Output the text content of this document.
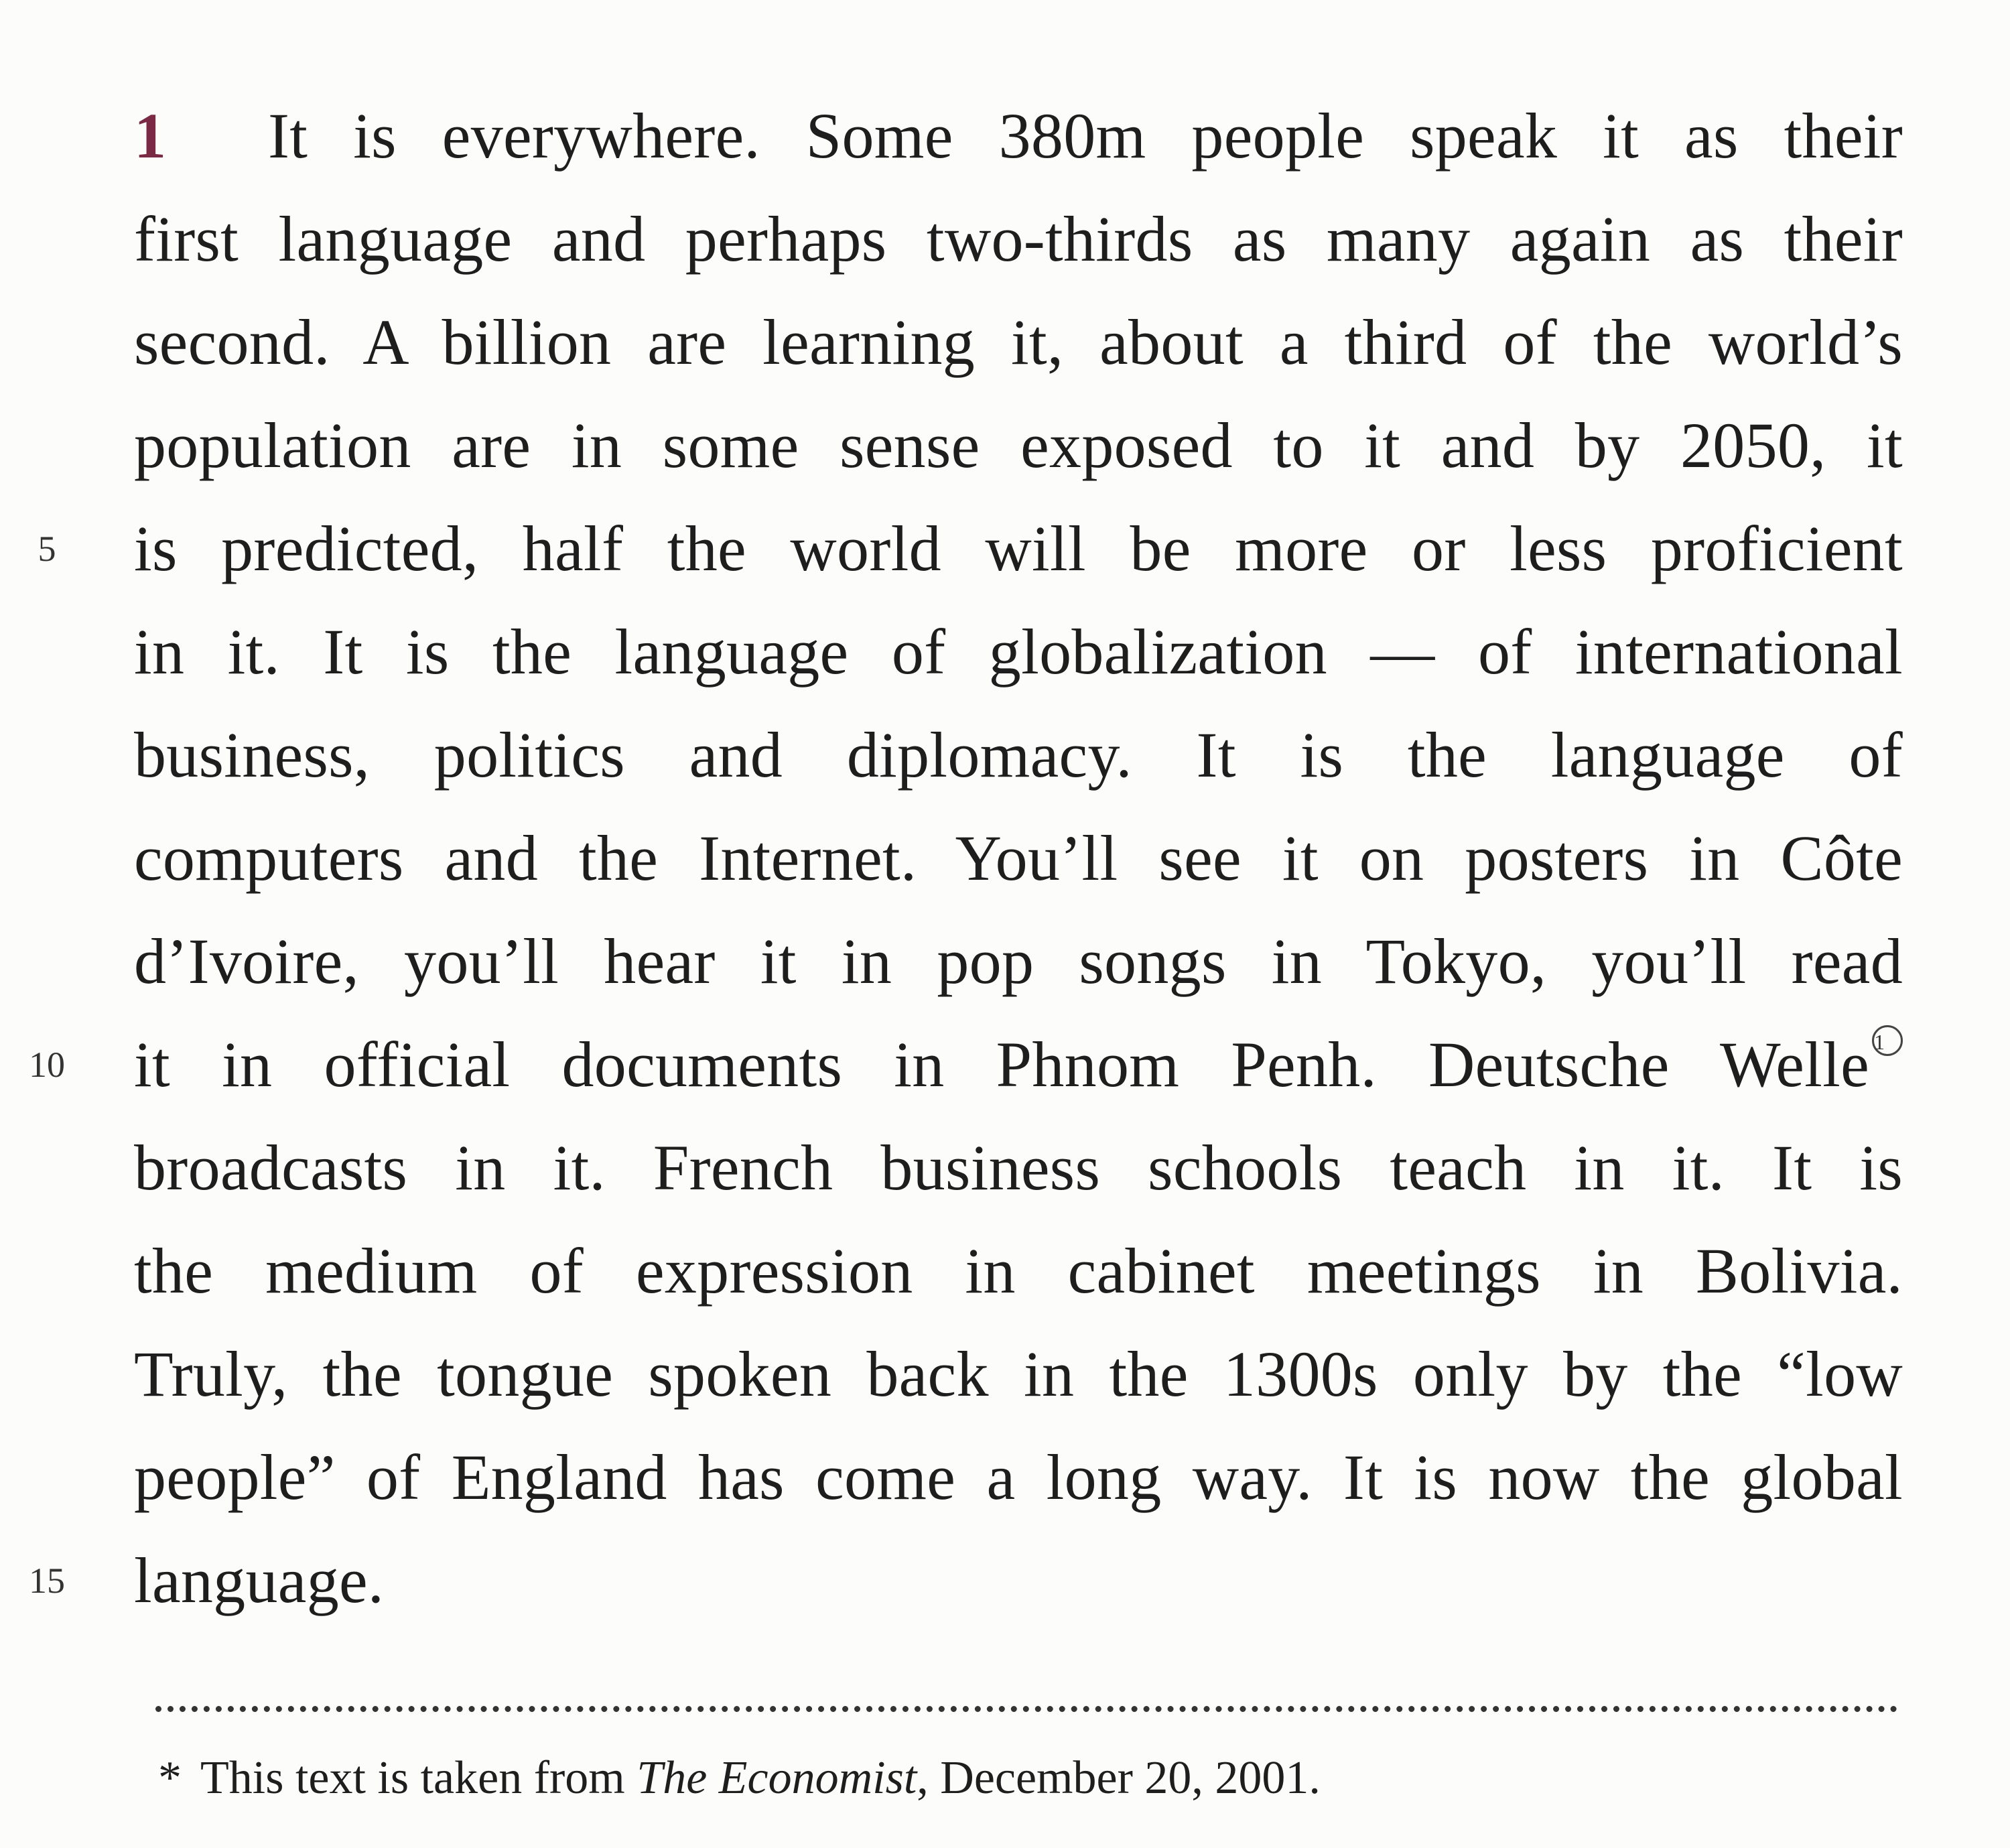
5
10
15
1 It is everywhere. Some 380m people speak it as their
first language and perhaps two-thirds as many again as their
second. A billion are learning it, about a third of the world’s
population are in some sense exposed to it and by 2050, it
is predicted, half the world will be more or less proficient
in it. It is the language of globalization — of international
business, politics and diplomacy. It is the language of
computers and the Internet. You’ll see it on posters in Côte
d’Ivoire, you’ll hear it in pop songs in Tokyo, you’ll read
it in official documents in Phnom Penh. Deutsche Welle 1
broadcasts in it. French business schools teach in it. It is
the medium of expression in cabinet meetings in Bolivia.
Truly, the tongue spoken back in the 1300s only by the “low
people” of England has come a long way. It is now the global
language.
* This text is taken from The Economist, December 20, 2001.
